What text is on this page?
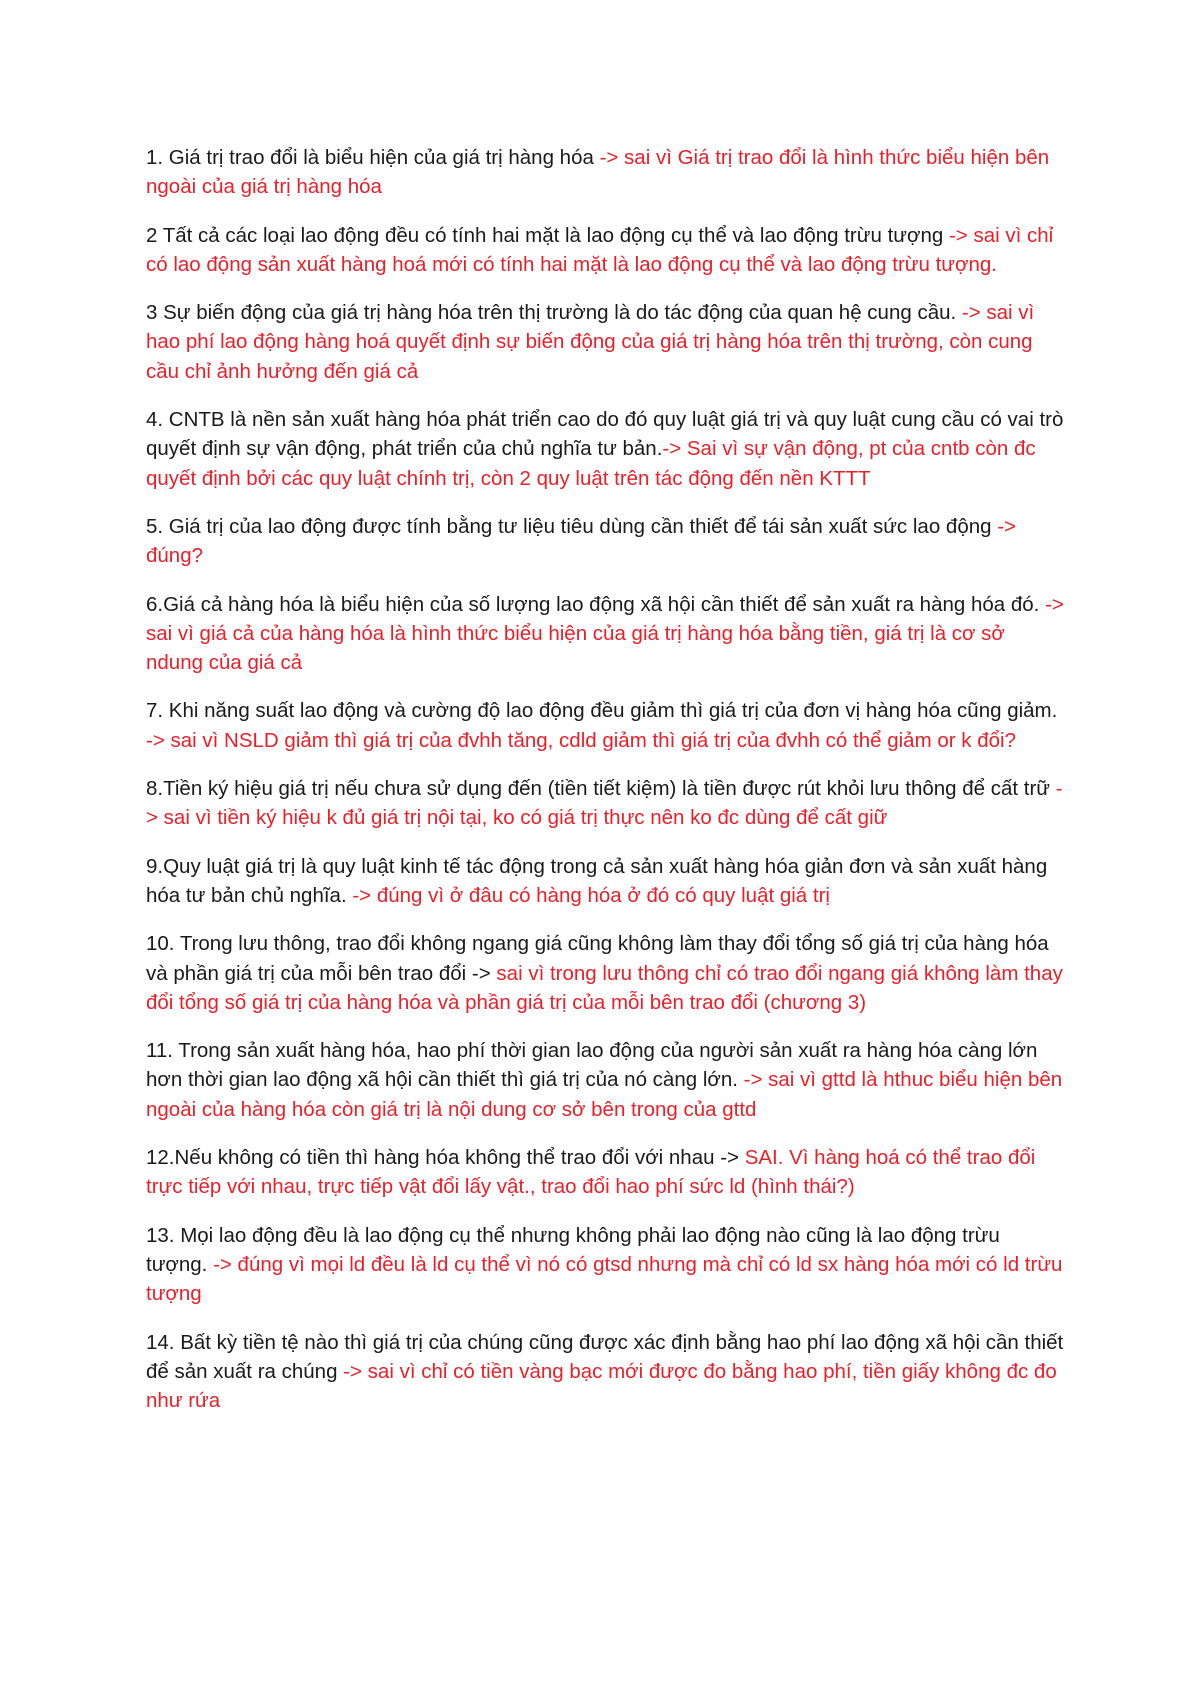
1. Giá trị trao đổi là biểu hiện của giá trị hàng hóa -> sai vì Giá trị trao đổi là hình thức biểu hiện bên ngoài của giá trị hàng hóa

2 Tất cả các loại lao động đều có tính hai mặt là lao động cụ thể và lao động trừu tượng -> sai vì chỉ có lao động sản xuất hàng hoá mới có tính hai mặt là lao động cụ thể và lao động trừu tượng.

3 Sự biến động của giá trị hàng hóa trên thị trường là do tác động của quan hệ cung cầu. -> sai vì hao phí lao động hàng hoá quyết định sự biến động của giá trị hàng hóa trên thị trường, còn cung cầu chỉ ảnh hưởng đến giá cả

4. CNTB là nền sản xuất hàng hóa phát triển cao do đó quy luật giá trị và quy luật cung cầu có vai trò quyết định sự vận động, phát triển của chủ nghĩa tư bản.-> Sai vì sự vận động, pt của cntb còn đc quyết định bởi các quy luật chính trị, còn 2 quy luật trên tác động đến nền KTTT

5. Giá trị của lao động được tính bằng tư liệu tiêu dùng cần thiết để tái sản xuất sức lao động -> đúng?

6.Giá cả hàng hóa là biểu hiện của số lượng lao động xã hội cần thiết để sản xuất ra hàng hóa đó. -> sai vì giá cả của hàng hóa là hình thức biểu hiện của giá trị hàng hóa bằng tiền, giá trị là cơ sở ndung của giá cả

7. Khi năng suất lao động và cường độ lao động đều giảm thì giá trị của đơn vị hàng hóa cũng giảm. -> sai vì NSLD giảm thì giá trị của đvhh tăng, cdld giảm thì giá trị của đvhh có thể giảm or k đổi?

8.Tiền ký hiệu giá trị nếu chưa sử dụng đến (tiền tiết kiệm) là tiền được rút khỏi lưu thông để cất trữ -> sai vì tiền ký hiệu k đủ giá trị nội tại, ko có giá trị thực nên ko đc dùng để cất giữ

9.Quy luật giá trị là quy luật kinh tế tác động trong cả sản xuất hàng hóa giản đơn và sản xuất hàng hóa tư bản chủ nghĩa. -> đúng vì ở đâu có hàng hóa ở đó có quy luật giá trị

10. Trong lưu thông, trao đổi không ngang giá cũng không làm thay đổi tổng số giá trị của hàng hóa và phần giá trị của mỗi bên trao đổi -> sai vì trong lưu thông chỉ có trao đổi ngang giá không làm thay đổi tổng số giá trị của hàng hóa và phần giá trị của mỗi bên trao đổi (chương 3)

11. Trong sản xuất hàng hóa, hao phí thời gian lao động của người sản xuất ra hàng hóa càng lớn hơn thời gian lao động xã hội cần thiết thì giá trị của nó càng lớn. -> sai vì gttd là hthuc biểu hiện bên ngoài của hàng hóa còn giá trị là nội dung cơ sở bên trong của gttd

12.Nếu không có tiền thì hàng hóa không thể trao đổi với nhau -> SAI. Vì hàng hoá có thể trao đổi trực tiếp với nhau, trực tiếp vật đổi lấy vật., trao đổi hao phí sức ld (hình thái?)

13. Mọi lao động đều là lao động cụ thể nhưng không phải lao động nào cũng là lao động trừu tượng. -> đúng vì mọi ld đều là ld cụ thể vì nó có gtsd nhưng mà chỉ có ld sx hàng hóa mới có ld trừu tượng

14. Bất kỳ tiền tệ nào thì giá trị của chúng cũng được xác định bằng hao phí lao động xã hội cần thiết để sản xuất ra chúng -> sai vì chỉ có tiền vàng bạc mới được đo bằng hao phí, tiền giấy không đc đo như rứa
